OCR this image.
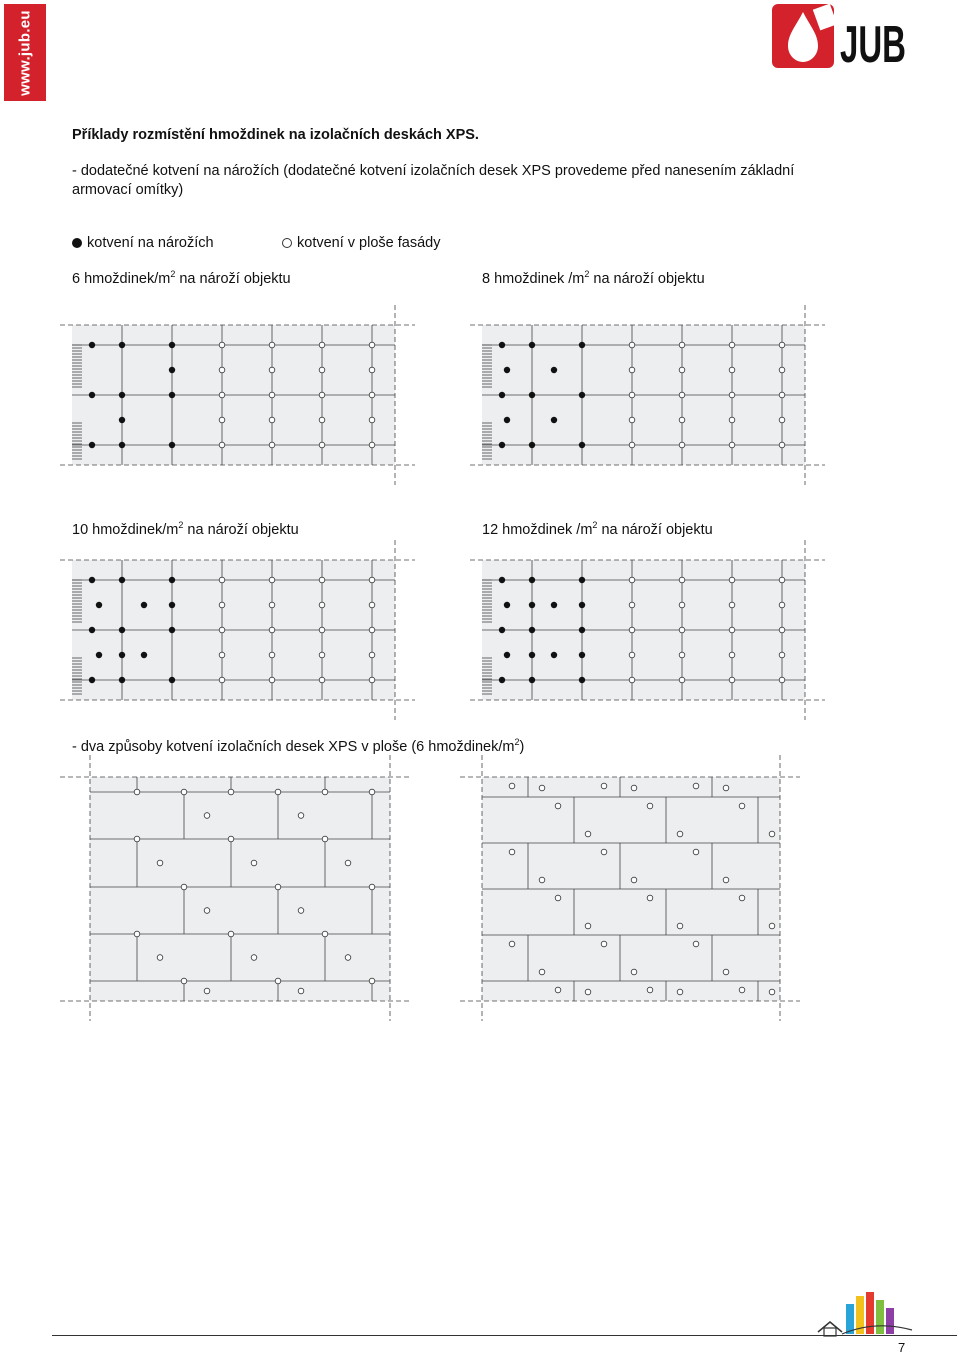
www.jub.eu	JUB
Příklady rozmístění hmoždinek na izolačních deskách XPS.
- dodatečné kotvení na nárožích (dodatečné kotvení izolačních desek XPS provedeme před nanesením základní
armovací omítky)
kotvení na nárožích	kotvení v ploše fasády
6 hmoždinek/$m^2$ na nároží objektu	8 hmoždinek $/m^2$ na nároží objektu
10 hmoždinek/$m^2$ na nároží objektu	12 hmoždinek $/m^2$ na nároží objektu
- dva způsoby kotvení izolačních desek XPS v ploše (6 hmoždinek/$m^2$)
7
